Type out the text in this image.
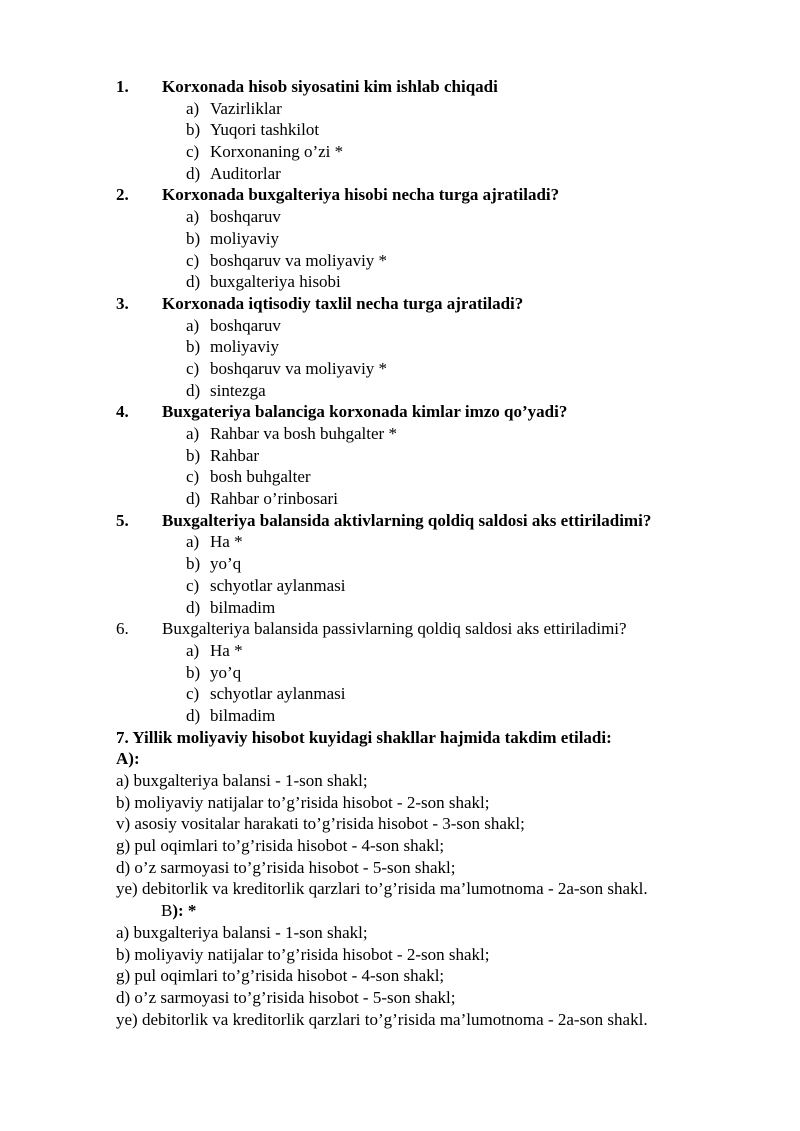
1.	Korxonada hisob siyosatini kim ishlab chiqadi
a) Vazirliklar
b) Yuqori tashkilot
c) Korxonaning o’zi *
d) Auditorlar
2.	Korxonada buxgalteriya hisobi necha turga ajratiladi?
a) boshqaruv
b) moliyaviy
c) boshqaruv va moliyaviy *
d) buxgalteriya hisobi
3.	Korxonada iqtisodiy taxlil necha turga ajratiladi?
a) boshqaruv
b) moliyaviy
c) boshqaruv va moliyaviy *
d) sintezga
4.	Buxgateriya balanciga korxonada kimlar imzo qo’yadi?
a) Rahbar va bosh buhgalter *
b) Rahbar
c) bosh buhgalter
d) Rahbar o’rinbosari
5.	Buxgalteriya balansida aktivlarning qoldiq saldosi aks ettiriladimi?
a) Ha *
b) yo’q
c) schyotlar aylanmasi
d) bilmadim
6.	Buxgalteriya balansida passivlarning qoldiq saldosi aks ettiriladimi?
a) Ha *
b) yo’q
c) schyotlar aylanmasi
d) bilmadim
7. Yillik moliyaviy hisobot kuyidagi shakllar hajmida takdim etiladi:
A):
a) buxgalteriya balansi - 1-son shakl;
b) moliyaviy natijalar to’g’risida hisobot - 2-son shakl;
v) asosiy vositalar harakati to’g’risida hisobot - 3-son shakl;
g) pul oqimlari to’g’risida hisobot - 4-son shakl;
d) o’z sarmoyasi to’g’risida hisobot - 5-son shakl;
ye) debitorlik va kreditorlik qarzlari to’g’risida ma’lumotnoma - 2a-son shakl.
B): *
a) buxgalteriya balansi - 1-son shakl;
b) moliyaviy natijalar to’g’risida hisobot - 2-son shakl;
g) pul oqimlari to’g’risida hisobot - 4-son shakl;
d) o’z sarmoyasi to’g’risida hisobot - 5-son shakl;
ye) debitorlik va kreditorlik qarzlari to’g’risida ma’lumotnoma - 2a-son shakl.
